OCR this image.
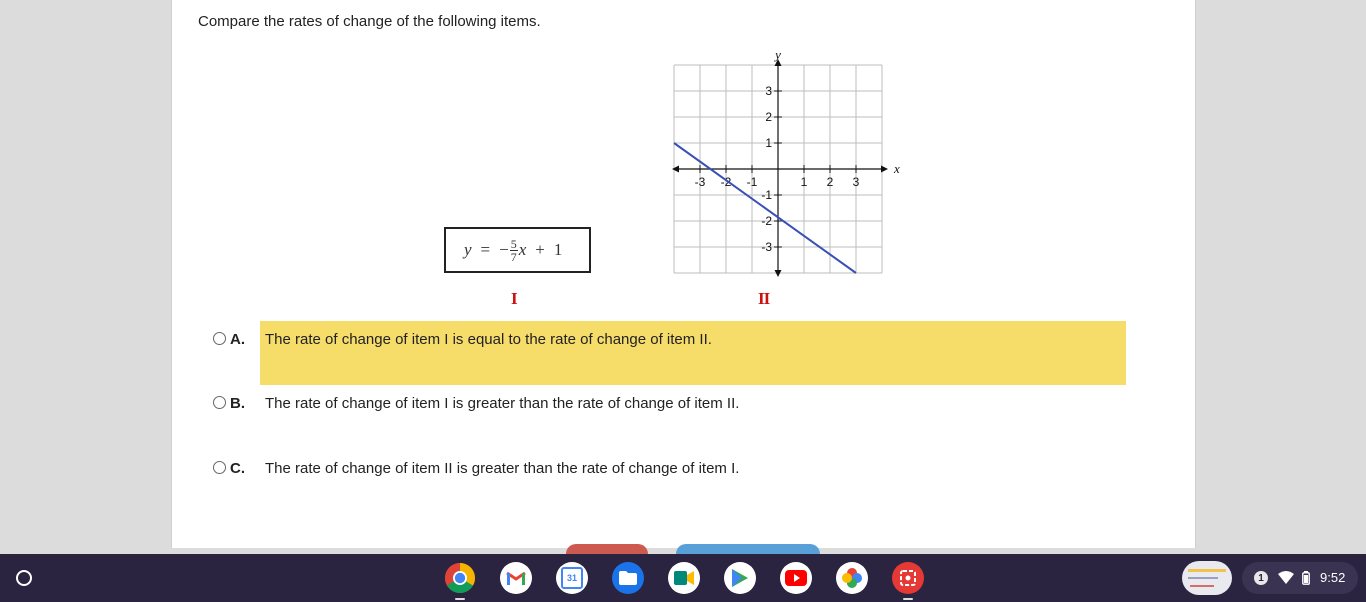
Compare the rates of change of the following items.
y = − $\frac{5}{7}$ x + 1
I
-3 -2 -1	1 2 3
3
2
1
-1
-2
-3
x
y
II
A. The rate of change of item I is equal to the rate of change of item II.
B. The rate of change of item I is greater than the rate of change of item II.
C. The rate of change of item II is greater than the rate of change of item I.
31	1	9:52
